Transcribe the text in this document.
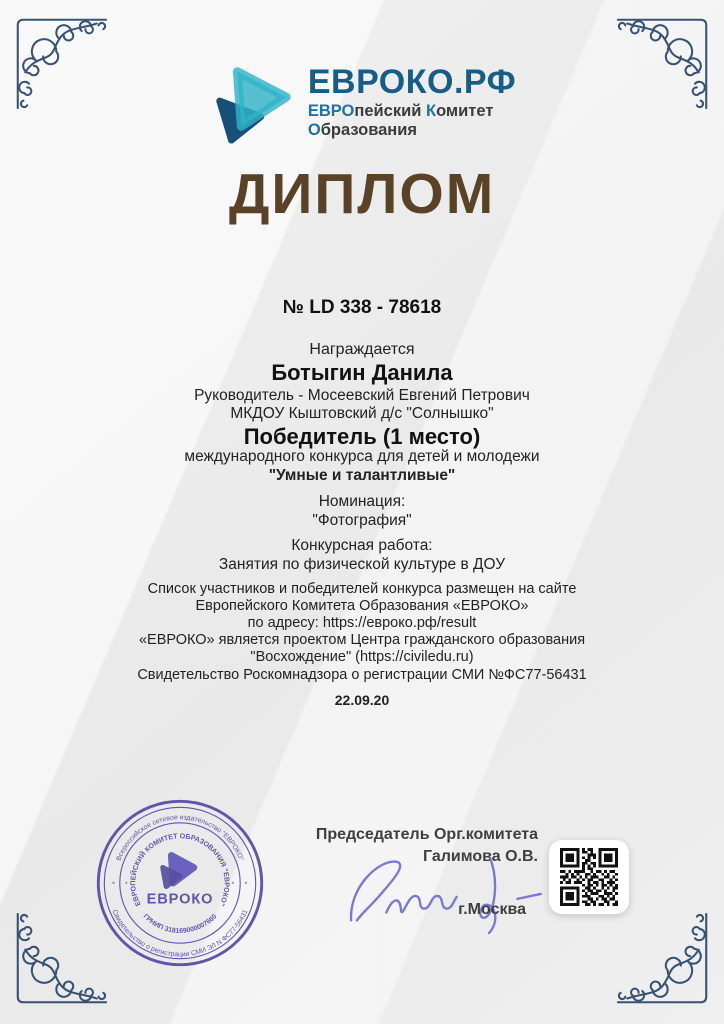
ЕВРОКО.РФ
ЕВРОпейский Комитет
Образования
ДИПЛОМ
№ LD 338 - 78618
Награждается
Ботыгин Данила
Руководитель - Мосеевский Евгений Петрович
МКДОУ Кыштовский д/с "Солнышко"
Победитель (1 место)
международного конкурса для детей и молодежи
"Умные и талантливые"
Номинация:
"Фотография"
Конкурсная работа:
Занятия по физической культуре в ДОУ
Список участников и победителей конкурса размещен на сайте
Европейского Комитета Образования «ЕВРОКО»
по адресу: https://евроко.рф/result
«ЕВРОКО» является проектом Центра гражданского образования
"Восхождение" (https://civiledu.ru)
Свидетельство Роскомнадзора о регистрации СМИ №ФС77-56431
22.09.20
Всероссийское сетевое издательство "ЕВРОКО"
Свидетельство о регистрации СМИ ЭЛ N ФС77-56431
ЕВРОПЕЙСКИЙ КОМИТЕТ ОБРАЗОВАНИЯ "ЕВРОКО"
ГРНИП 318169000007660
*	*
*	*
ЕВРОКО
Председатель Орг.комитета
Галимова О.В.
г.Москва
